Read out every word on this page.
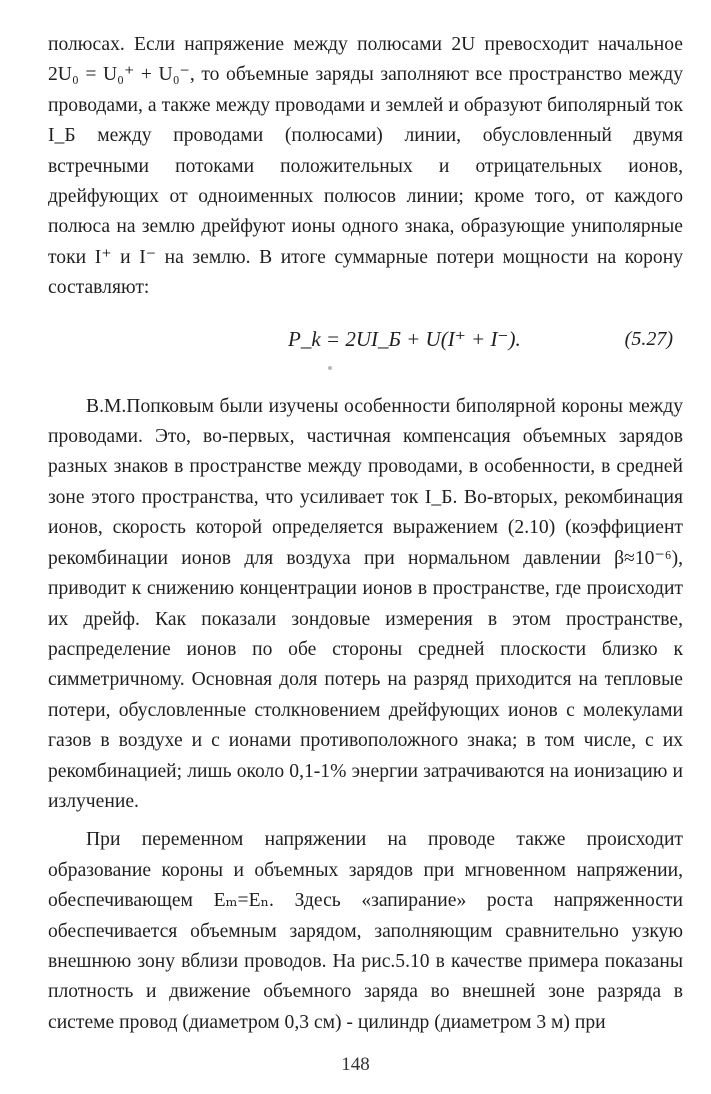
полюсах. Если напряжение между полюсами 2U превосходит начальное 2U₀ = U₀⁺ + U₀⁻, то объемные заряды заполняют все пространство между проводами, а также между проводами и землей и образуют биполярный ток I_Б между проводами (полюсами) линии, обусловленный двумя встречными потоками положительных и отрицательных ионов, дрейфующих от одноименных полюсов линии; кроме того, от каждого полюса на землю дрейфуют ионы одного знака, образующие униполярные токи I⁺ и I⁻ на землю. В итоге суммарные потери мощности на корону составляют:

P_k = 2UI_Б + U(I⁺ + I⁻).	(5.27)

В.М.Попковым были изучены особенности биполярной короны между проводами. Это, во-первых, частичная компенсация объемных зарядов разных знаков в пространстве между проводами, в особенности, в средней зоне этого пространства, что усиливает ток I_Б. Во-вторых, рекомбинация ионов, скорость которой определяется выражением (2.10) (коэффициент рекомбинации ионов для воздуха при нормальном давлении β≈10⁻⁶), приводит к снижению концентрации ионов в пространстве, где происходит их дрейф. Как показали зондовые измерения в этом пространстве, распределение ионов по обе стороны средней плоскости близко к симметричному. Основная доля потерь на разряд приходится на тепловые потери, обусловленные столкновением дрейфующих ионов с молекулами газов в воздухе и с ионами противоположного знака; в том числе, с их рекомбинацией; лишь около 0,1-1% энергии затрачиваются на ионизацию и излучение.

При переменном напряжении на проводе также происходит образование короны и объемных зарядов при мгновенном напряжении, обеспечивающем Eₘ=Eₙ. Здесь «запирание» роста напряженности обеспечивается объемным зарядом, заполняющим сравнительно узкую внешнюю зону вблизи проводов. На рис.5.10 в качестве примера показаны плотность и движение объемного заряда во внешней зоне разряда в системе провод (диаметром 0,3 см) - цилиндр (диаметром 3 м) при

148
